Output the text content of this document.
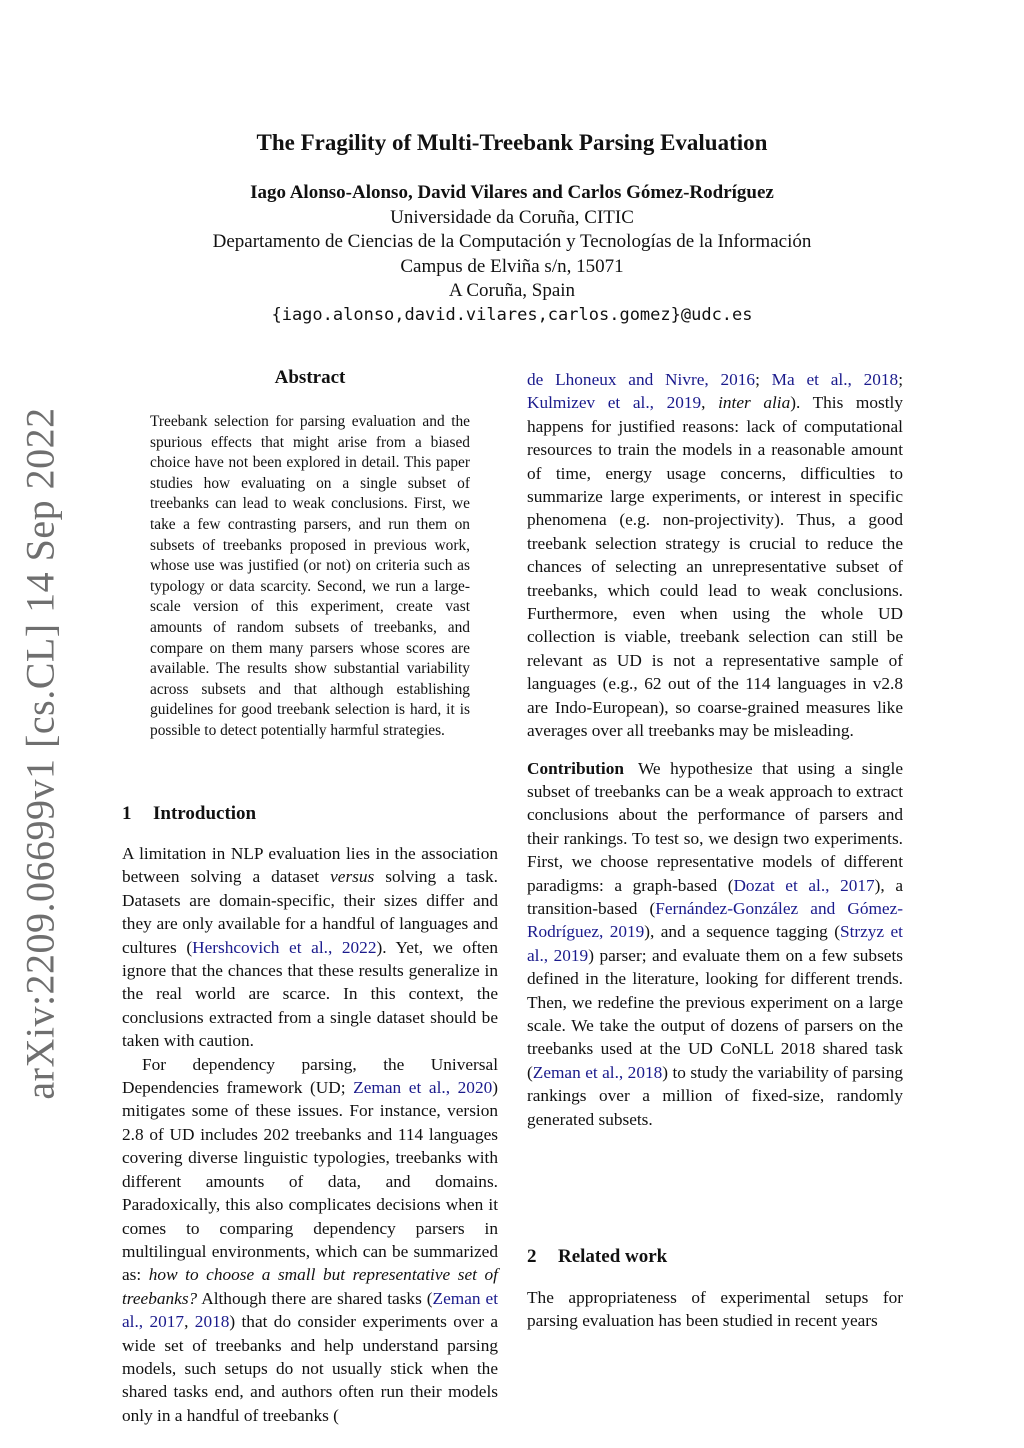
arXiv:2209.06699v1 [cs.CL] 14 Sep 2022
The Fragility of Multi-Treebank Parsing Evaluation
Iago Alonso-Alonso, David Vilares and Carlos Gómez-Rodríguez
Universidade da Coruña, CITIC
Departamento de Ciencias de la Computación y Tecnologías de la Información
Campus de Elviña s/n, 15071
A Coruña, Spain
{iago.alonso,david.vilares,carlos.gomez}@udc.es
Abstract
Treebank selection for parsing evaluation and the spurious effects that might arise from a biased choice have not been explored in detail. This paper studies how evaluating on a single subset of treebanks can lead to weak conclusions. First, we take a few contrasting parsers, and run them on subsets of treebanks proposed in previous work, whose use was justified (or not) on criteria such as typology or data scarcity. Second, we run a large-scale version of this experiment, create vast amounts of random subsets of treebanks, and compare on them many parsers whose scores are available. The results show substantial variability across subsets and that although establishing guidelines for good treebank selection is hard, it is possible to detect potentially harmful strategies.
1 Introduction

A limitation in NLP evaluation lies in the association between solving a dataset versus solving a task. Datasets are domain-specific, their sizes differ and they are only available for a handful of languages and cultures (Hershcovich et al., 2022). Yet, we often ignore that the chances that these results generalize in the real world are scarce. In this context, the conclusions extracted from a single dataset should be taken with caution.

For dependency parsing, the Universal Dependencies framework (UD; Zeman et al., 2020) mitigates some of these issues. For instance, version 2.8 of UD includes 202 treebanks and 114 languages covering diverse linguistic typologies, treebanks with different amounts of data, and domains. Paradoxically, this also complicates decisions when it comes to comparing dependency parsers in multilingual environments, which can be summarized as: how to choose a small but representative set of treebanks? Although there are shared tasks (Zeman et al., 2017, 2018) that do consider experiments over a wide set of treebanks and help understand parsing models, such setups do not usually stick when the shared tasks end, and authors often run their models only in a handful of treebanks (

de Lhoneux and Nivre, 2016; Ma et al., 2018; Kulmizev et al., 2019, inter alia). This mostly happens for justified reasons: lack of computational resources to train the models in a reasonable amount of time, energy usage concerns, difficulties to summarize large experiments, or interest in specific phenomena (e.g. non-projectivity). Thus, a good treebank selection strategy is crucial to reduce the chances of selecting an unrepresentative subset of treebanks, which could lead to weak conclusions. Furthermore, even when using the whole UD collection is viable, treebank selection can still be relevant as UD is not a representative sample of languages (e.g., 62 out of the 114 languages in v2.8 are Indo-European), so coarse-grained measures like averages over all treebanks may be misleading.

Contribution We hypothesize that using a single subset of treebanks can be a weak approach to extract conclusions about the performance of parsers and their rankings. To test so, we design two experiments. First, we choose representative models of different paradigms: a graph-based (Dozat et al., 2017), a transition-based (Fernández-González and Gómez-Rodríguez, 2019), and a sequence tagging (Strzyz et al., 2019) parser; and evaluate them on a few subsets defined in the literature, looking for different trends. Then, we redefine the previous experiment on a large scale. We take the output of dozens of parsers on the treebanks used at the UD CoNLL 2018 shared task (Zeman et al., 2018) to study the variability of parsing rankings over a million of fixed-size, randomly generated subsets.

2 Related work
The appropriateness of experimental setups for parsing evaluation has been studied in recent years
